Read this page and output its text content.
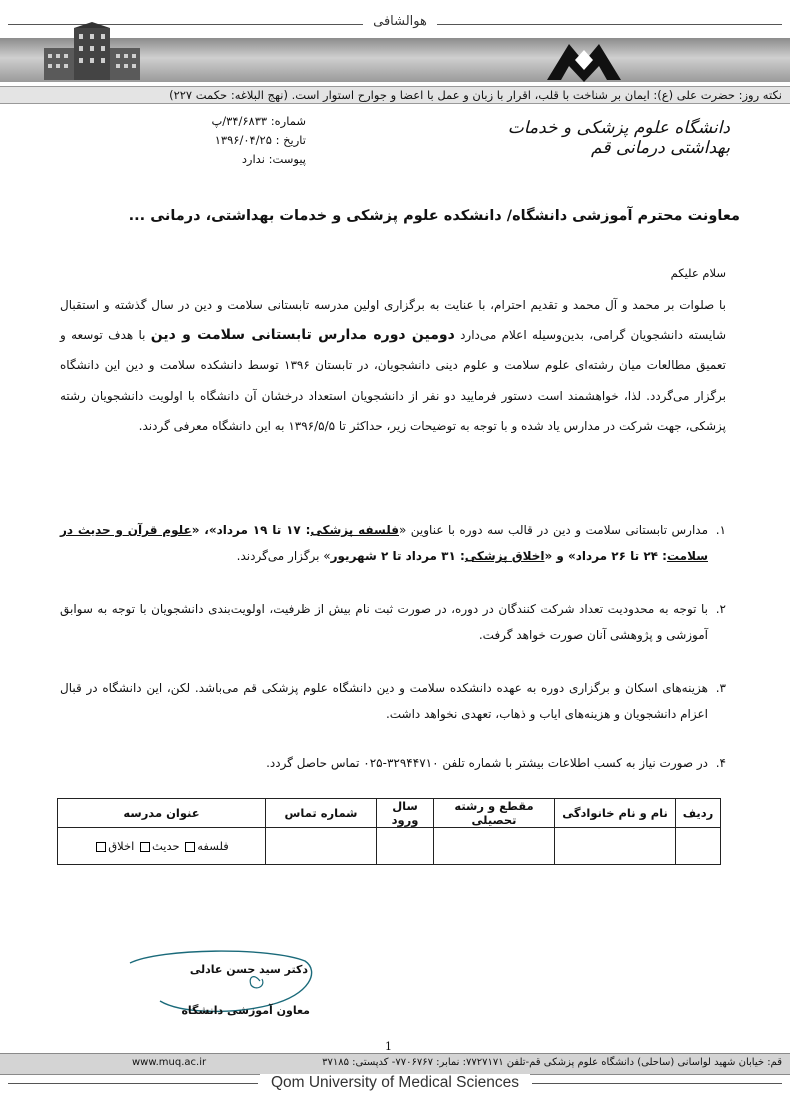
هوالشافی
نکته روز: حضرت علی (ع): ایمان بر شناخت با قلب، اقرار با زبان و عمل با اعضا و جوارح استوار است. (نهج البلاغه: حکمت ۲۲۷)
شماره: ۳۴/۶۸۳۳/پ
تاریخ : ۱۳۹۶/۰۴/۲۵
پیوست: ندارد
دانشگاه علوم پزشکی و خدمات بهداشتی درمانی قم
معاونت محترم آموزشی دانشگاه/ دانشکده علوم پزشکی و خدمات بهداشتی، درمانی ...
سلام علیکم
با صلوات بر محمد و آل محمد و تقدیم احترام، با عنایت به برگزاری اولین مدرسه تابستانی سلامت و دین در سال گذشته و استقبال شایسته دانشجویان گرامی، بدین‌وسیله اعلام می‌دارد دومین دوره مدارس تابستانی سلامت و دین با هدف توسعه و تعمیق مطالعات میان رشته‌ای علوم سلامت و علوم دینی دانشجویان، در تابستان ۱۳۹۶ توسط دانشکده سلامت و دین این دانشگاه برگزار می‌گردد. لذا، خواهشمند است دستور فرمایید دو نفر از دانشجویان استعداد درخشان آن دانشگاه با اولویت دانشجویان رشته پزشکی، جهت شرکت در مدارس یاد شده و با توجه به توضیحات زیر، حداکثر تا ۱۳۹۶/۵/۵ به این دانشگاه معرفی گردند.
۱.
مدارس تابستانی سلامت و دین در قالب سه دوره با عناوین «فلسفه پزشکی: ۱۷ تا ۱۹ مرداد»، «علوم قرآن و حدیث در سلامت: ۲۴ تا ۲۶ مرداد» و «اخلاق پزشکی: ۳۱ مرداد تا ۲ شهریور» برگزار می‌گردند.
۲.
با توجه به محدودیت تعداد شرکت کنندگان در دوره، در صورت ثبت نام بیش از ظرفیت، اولویت‌بندی دانشجویان با توجه به سوابق آموزشی و پژوهشی آنان صورت خواهد گرفت.
۳.
هزینه‌های اسکان و برگزاری دوره به عهده دانشکده سلامت و دین دانشگاه علوم پزشکی قم می‌باشد. لکن، این دانشگاه در قبال اعزام دانشجویان و هزینه‌های ایاب و ذهاب، تعهدی نخواهد داشت.
۴.
در صورت نیاز به کسب اطلاعات بیشتر با شماره تلفن ۳۲۹۴۴۷۱۰-۰۲۵ تماس حاصل گردد.
ردیف	نام و نام خانوادگی	مقطع و رشته تحصیلی	سال ورود	شماره تماس	عنوان مدرسه
					فلسفه حدیث اخلاق
دکتر سید حسن عادلی
معاون آموزشی دانشگاه
1
قم: خیابان شهید لواسانی (ساحلی) دانشگاه علوم پزشکی قم-تلفن ۷۷۲۷۱۷۱: نمابر: ۷۷۰۶۷۶۷- کدپستی: ۳۷۱۸۵
www.muq.ac.ir
Qom University of Medical Sciences
